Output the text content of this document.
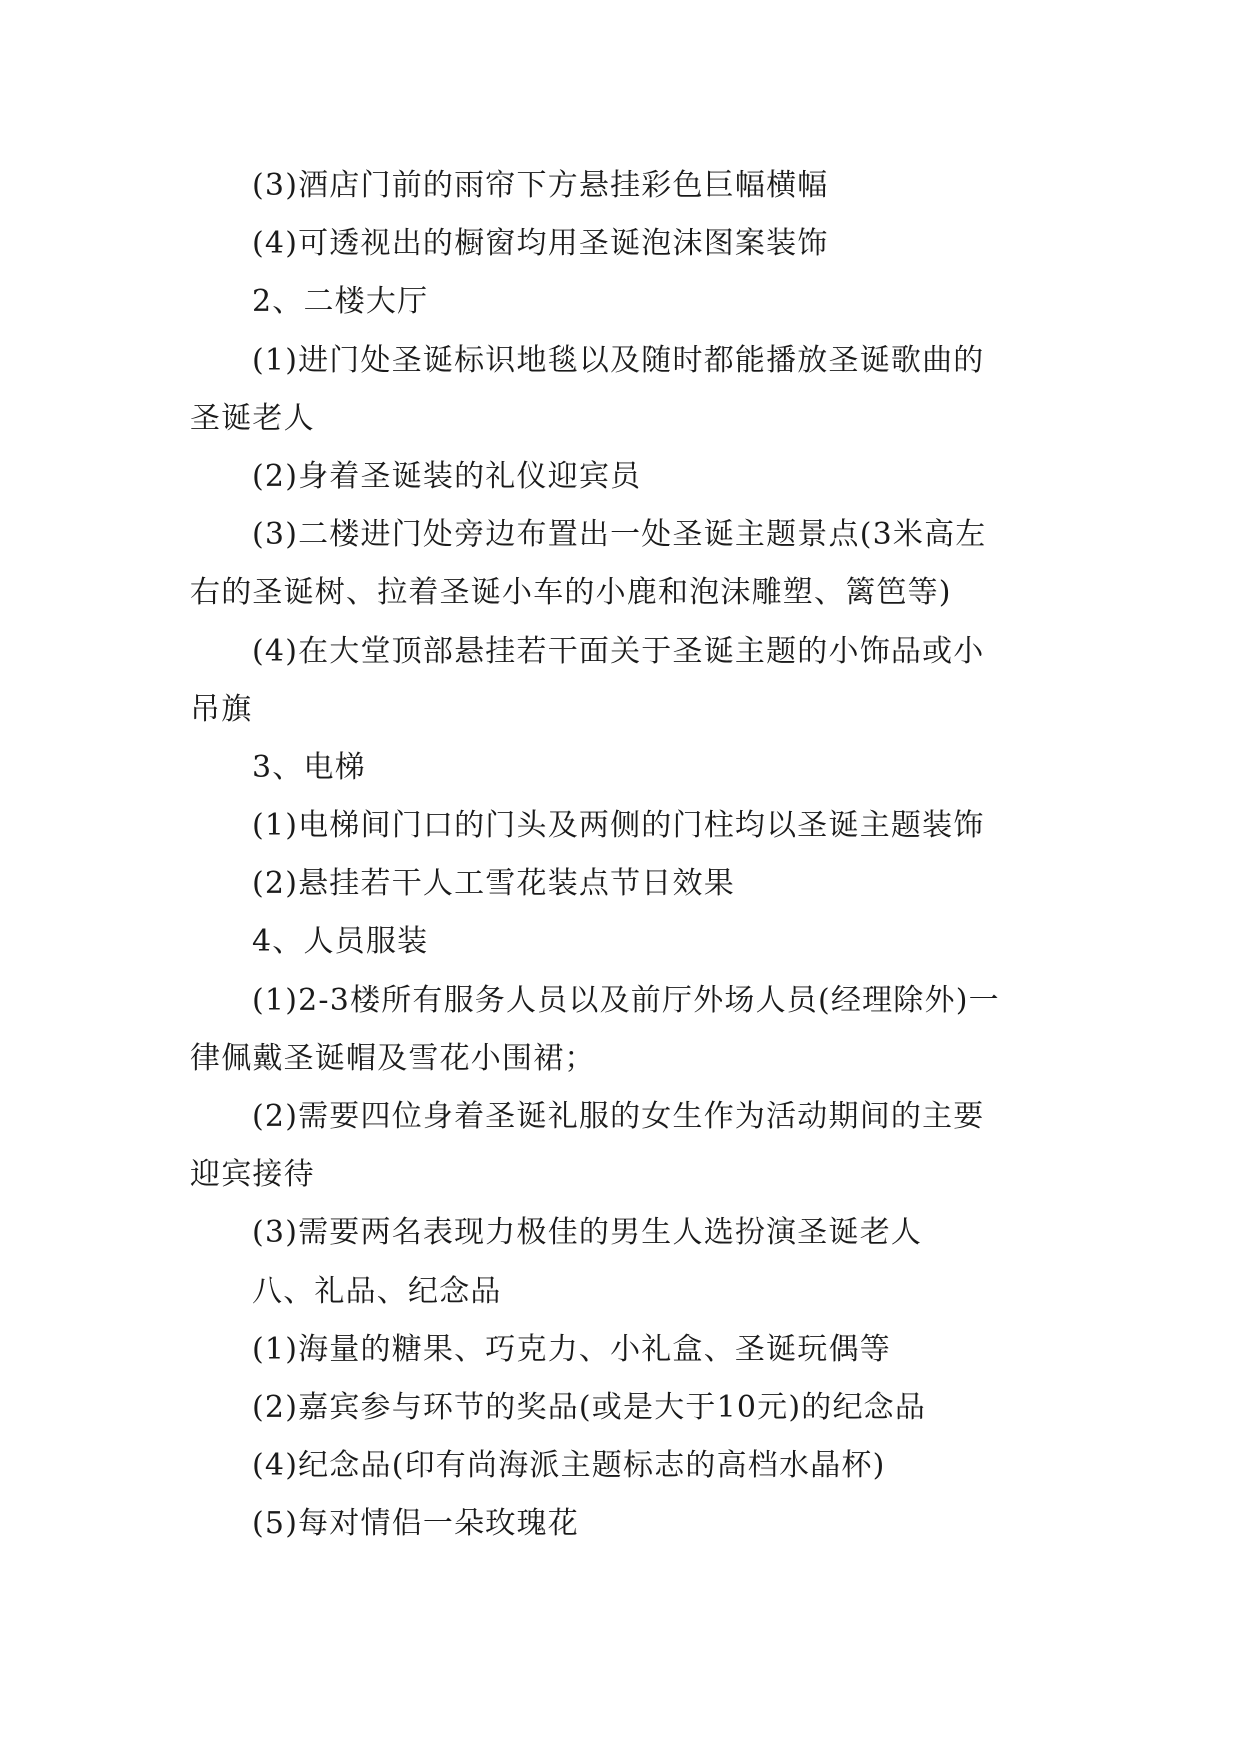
(3)酒店门前的雨帘下方悬挂彩色巨幅横幅
(4)可透视出的橱窗均用圣诞泡沫图案装饰
2、二楼大厅
(1)进门处圣诞标识地毯以及随时都能播放圣诞歌曲的
圣诞老人
(2)身着圣诞装的礼仪迎宾员
(3)二楼进门处旁边布置出一处圣诞主题景点(3米高左
右的圣诞树、拉着圣诞小车的小鹿和泡沫雕塑、篱笆等)
(4)在大堂顶部悬挂若干面关于圣诞主题的小饰品或小
吊旗
3、电梯
(1)电梯间门口的门头及两侧的门柱均以圣诞主题装饰
(2)悬挂若干人工雪花装点节日效果
4、人员服装
(1)2-3楼所有服务人员以及前厅外场人员(经理除外)一
律佩戴圣诞帽及雪花小围裙；
(2)需要四位身着圣诞礼服的女生作为活动期间的主要
迎宾接待
(3)需要两名表现力极佳的男生人选扮演圣诞老人
八、礼品、纪念品
(1)海量的糖果、巧克力、小礼盒、圣诞玩偶等
(2)嘉宾参与环节的奖品(或是大于10元)的纪念品
(4)纪念品(印有尚海派主题标志的高档水晶杯)
(5)每对情侣一朵玫瑰花
